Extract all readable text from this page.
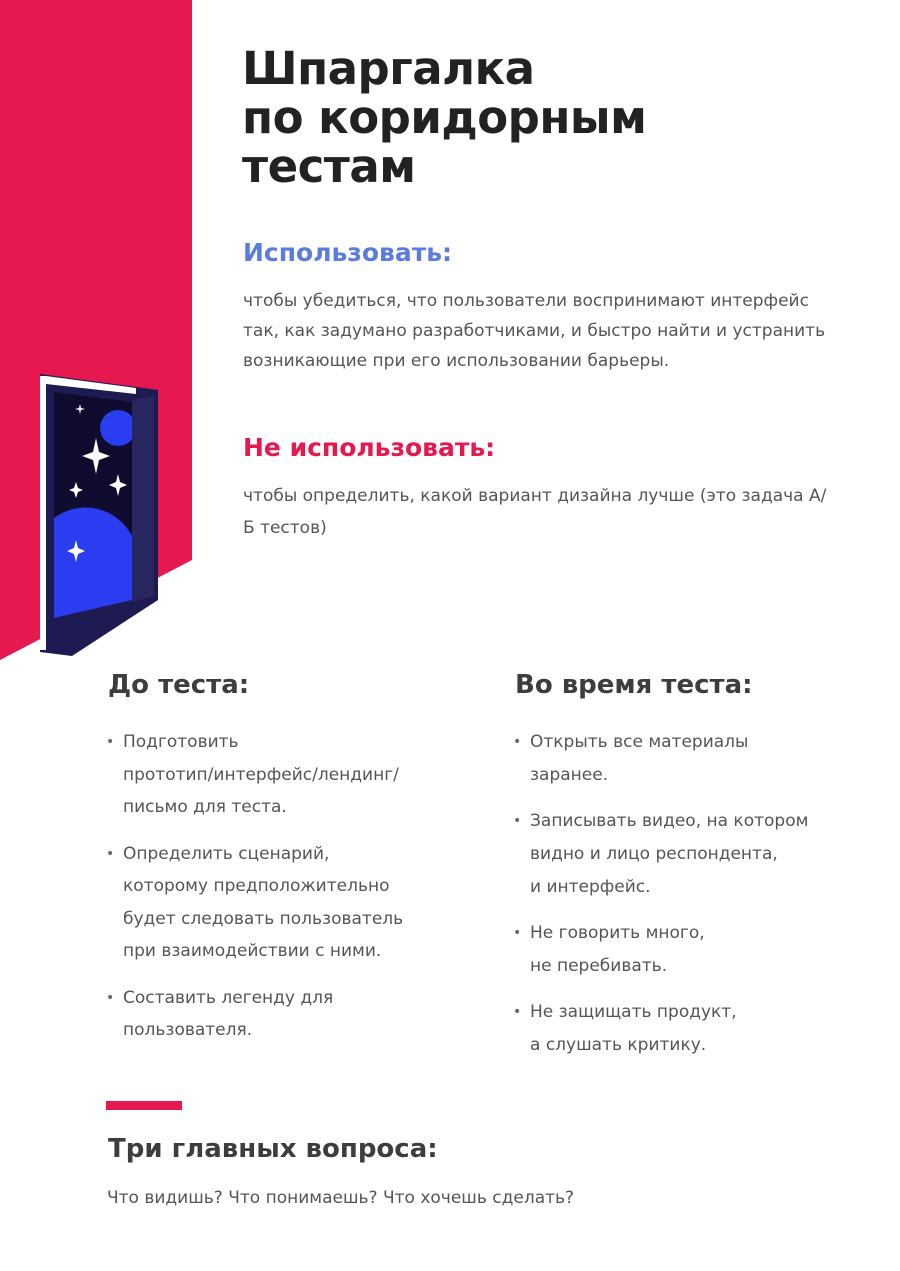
Шпаргалка
по коридорным
тестам
Использовать:

чтобы убедиться, что пользователи воспринимают интерфейс так, как задумано разработчиками, и быстро найти и устранить возникающие при его использовании барьеры.

Не использовать:

чтобы определить, какой вариант дизайна лучше (это задача А/Б тестов)

До теста:
• Подготовить
прототип/интерфейс/лендинг/
письмо для теста.
• Определить сценарий,
которому предположительно
будет следовать пользователь
при взаимодействии с ними.
• Составить легенду для
пользователя.
Во время теста:
• Открыть все материалы
заранее.
• Записывать видео, на котором
видно и лицо респондента,
и интерфейс.
• Не говорить много,
не перебивать.
• Не защищать продукт,
а слушать критику.
Три главных вопроса:

Что видишь? Что понимаешь? Что хочешь сделать?
